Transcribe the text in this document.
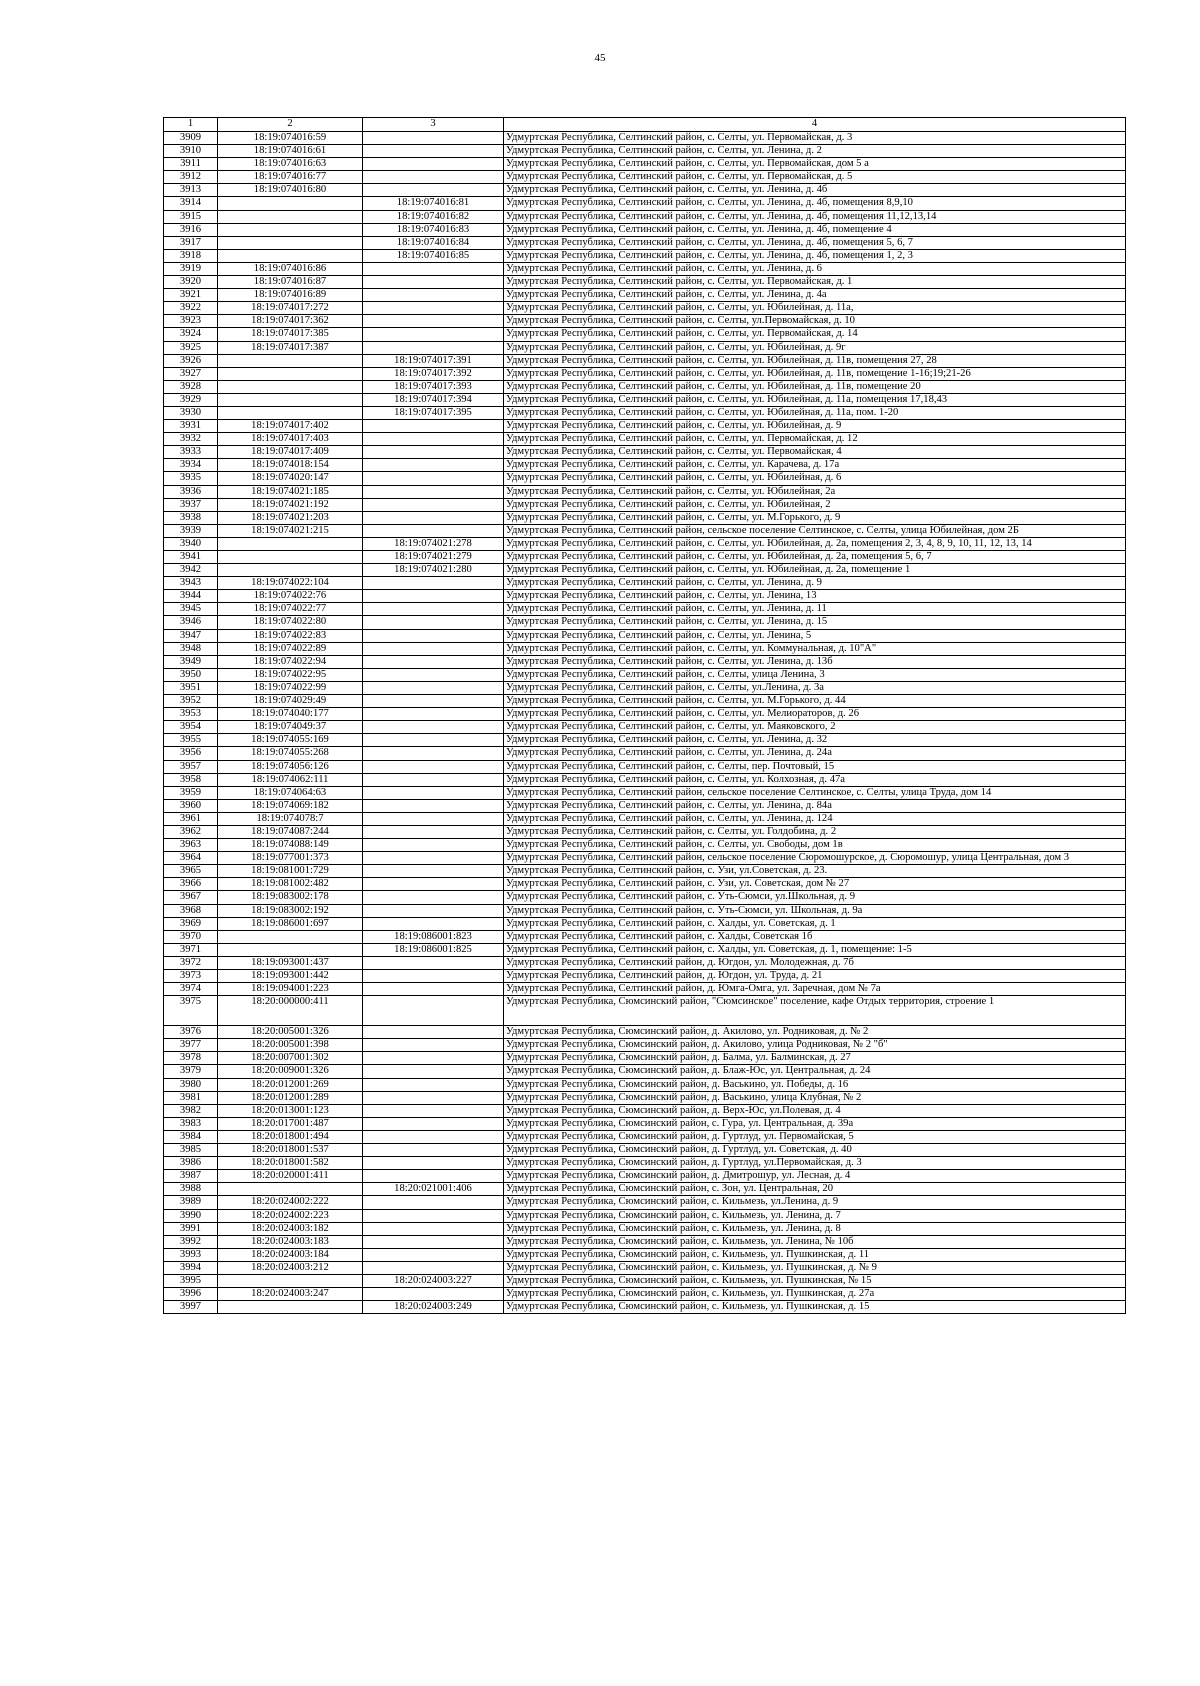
45
1	2	3	4
3909	18:19:074016:59		Удмуртская Республика, Селтинский район, с. Селты, ул. Первомайская, д. 3
3910	18:19:074016:61		Удмуртская Республика, Селтинский район, с. Селты, ул. Ленина, д. 2
3911	18:19:074016:63		Удмуртская Республика, Селтинский район, с. Селты, ул. Первомайская, дом 5 а
3912	18:19:074016:77		Удмуртская Республика, Селтинский район, с. Селты, ул. Первомайская, д. 5
3913	18:19:074016:80		Удмуртская Республика, Селтинский район, с. Селты, ул. Ленина, д. 4б
3914		18:19:074016:81	Удмуртская Республика, Селтинский район, с. Селты, ул. Ленина, д. 4б, помещения 8,9,10
3915		18:19:074016:82	Удмуртская Республика, Селтинский район, с. Селты, ул. Ленина, д. 4б, помещения 11,12,13,14
3916		18:19:074016:83	Удмуртская Республика, Селтинский район, с. Селты, ул. Ленина, д. 4б, помещение 4
3917		18:19:074016:84	Удмуртская Республика, Селтинский район, с. Селты, ул. Ленина, д. 4б, помещения 5, 6, 7
3918		18:19:074016:85	Удмуртская Республика, Селтинский район, с. Селты, ул. Ленина, д. 4б, помещения 1, 2, 3
3919	18:19:074016:86		Удмуртская Республика, Селтинский район, с. Селты, ул. Ленина, д. 6
3920	18:19:074016:87		Удмуртская Республика, Селтинский район, с. Селты, ул. Первомайская, д. 1
3921	18:19:074016:89		Удмуртская Республика, Селтинский район, с. Селты, ул. Ленина, д. 4а
3922	18:19:074017:272		Удмуртская Республика, Селтинский район, с. Селты, ул. Юбилейная, д. 11а,
3923	18:19:074017:362		Удмуртская Республика, Селтинский район, с. Селты, ул.Первомайская, д. 10
3924	18:19:074017:385		Удмуртская Республика, Селтинский район, с. Селты, ул. Первомайская, д. 14
3925	18:19:074017:387		Удмуртская Республика, Селтинский район, с. Селты, ул. Юбилейная, д. 9г
3926		18:19:074017:391	Удмуртская Республика, Селтинский район, с. Селты, ул. Юбилейная, д. 11в, помещения 27, 28
3927		18:19:074017:392	Удмуртская Республика, Селтинский район, с. Селты, ул. Юбилейная, д. 11в, помещение 1-16;19;21-26
3928		18:19:074017:393	Удмуртская Республика, Селтинский район, с. Селты, ул. Юбилейная, д. 11в, помещение 20
3929		18:19:074017:394	Удмуртская Республика, Селтинский район, с. Селты, ул. Юбилейная, д. 11а, помещения 17,18,43
3930		18:19:074017:395	Удмуртская Республика, Селтинский район, с. Селты, ул. Юбилейная, д. 11а, пом. 1-20
3931	18:19:074017:402		Удмуртская Республика, Селтинский район, с. Селты, ул. Юбилейная, д. 9
3932	18:19:074017:403		Удмуртская Республика, Селтинский район, с. Селты, ул. Первомайская, д. 12
3933	18:19:074017:409		Удмуртская Республика, Селтинский район, с. Селты, ул. Первомайская, 4
3934	18:19:074018:154		Удмуртская Республика, Селтинский район, с. Селты, ул. Карачева, д. 17а
3935	18:19:074020:147		Удмуртская Республика, Селтинский район, с. Селты, ул. Юбилейная, д. 6
3936	18:19:074021:185		Удмуртская Республика, Селтинский район, с. Селты, ул. Юбилейная, 2а
3937	18:19:074021:192		Удмуртская Республика, Селтинский район, с. Селты, ул. Юбилейная, 2
3938	18:19:074021:203		Удмуртская Республика, Селтинский район, с. Селты, ул. М.Горького, д. 9
3939	18:19:074021:215		Удмуртская Республика, Селтинский район, сельское поселение Селтинское, с. Селты, улица Юбилейная, дом 2Б
3940		18:19:074021:278	Удмуртская Республика, Селтинский район, с. Селты, ул. Юбилейная, д. 2а, помещения 2, 3, 4, 8, 9, 10, 11, 12, 13, 14
3941		18:19:074021:279	Удмуртская Республика, Селтинский район, с. Селты, ул. Юбилейная, д. 2а, помещения 5, 6, 7
3942		18:19:074021:280	Удмуртская Республика, Селтинский район, с. Селты, ул. Юбилейная, д. 2а, помещение 1
3943	18:19:074022:104		Удмуртская Республика, Селтинский район, с. Селты, ул. Ленина, д. 9
3944	18:19:074022:76		Удмуртская Республика, Селтинский район, с. Селты, ул. Ленина, 13
3945	18:19:074022:77		Удмуртская Республика, Селтинский район, с. Селты, ул. Ленина, д. 11
3946	18:19:074022:80		Удмуртская Республика, Селтинский район, с. Селты, ул. Ленина, д. 15
3947	18:19:074022:83		Удмуртская Республика, Селтинский район, с. Селты, ул. Ленина, 5
3948	18:19:074022:89		Удмуртская Республика, Селтинский район, с. Селты, ул. Коммунальная, д. 10"А"
3949	18:19:074022:94		Удмуртская Республика, Селтинский район, с. Селты, ул. Ленина, д. 13б
3950	18:19:074022:95		Удмуртская Республика, Селтинский район, с. Селты, улица Ленина, 3
3951	18:19:074022:99		Удмуртская Республика, Селтинский район, с. Селты, ул.Ленина, д. 3а
3952	18:19:074029:49		Удмуртская Республика, Селтинский район, с. Селты, ул. М.Горького, д. 44
3953	18:19:074040:177		Удмуртская Республика, Селтинский район, с. Селты, ул. Мелиораторов, д. 26
3954	18:19:074049:37		Удмуртская Республика, Селтинский район, с. Селты, ул. Маяковского, 2
3955	18:19:074055:169		Удмуртская Республика, Селтинский район, с. Селты, ул. Ленина, д. 32
3956	18:19:074055:268		Удмуртская Республика, Селтинский район, с. Селты, ул. Ленина, д. 24а
3957	18:19:074056:126		Удмуртская Республика, Селтинский район, с. Селты, пер. Почтовый, 15
3958	18:19:074062:111		Удмуртская Республика, Селтинский район, с. Селты, ул. Колхозная, д. 47а
3959	18:19:074064:63		Удмуртская Республика, Селтинский район, сельское поселение Селтинское, с. Селты, улица Труда, дом 14
3960	18:19:074069:182		Удмуртская Республика, Селтинский район, с. Селты, ул. Ленина, д. 84а
3961	18:19:074078:7		Удмуртская Республика, Селтинский район, с. Селты, ул. Ленина, д. 124
3962	18:19:074087:244		Удмуртская Республика, Селтинский район, с. Селты, ул. Голдобина, д. 2
3963	18:19:074088:149		Удмуртская Республика, Селтинский район, с. Селты, ул. Свободы, дом 1в
3964	18:19:077001:373		Удмуртская Республика, Селтинский район, сельское поселение Сюромошурское, д. Сюромошур, улица Центральная, дом 3
3965	18:19:081001:729		Удмуртская Республика, Селтинский район, с. Узи, ул.Советская, д. 23.
3966	18:19:081002:482		Удмуртская Республика, Селтинский район, с. Узи, ул. Советская, дом № 27
3967	18:19:083002:178		Удмуртская Республика, Селтинский район, с. Уть-Сюмси, ул.Школьная, д. 9
3968	18:19:083002:192		Удмуртская Республика, Селтинский район, с. Уть-Сюмси, ул. Школьная, д. 9а
3969	18:19:086001:697		Удмуртская Республика, Селтинский район, с. Халды, ул. Советская, д. 1
3970		18:19:086001:823	Удмуртская Республика, Селтинский район, с. Халды, Советская 1б
3971		18:19:086001:825	Удмуртская Республика, Селтинский район, с. Халды, ул. Советская, д. 1, помещение: 1-5
3972	18:19:093001:437		Удмуртская Республика, Селтинский район, д. Югдон, ул. Молодежная, д. 7б
3973	18:19:093001:442		Удмуртская Республика, Селтинский район, д. Югдон, ул. Труда, д. 21
3974	18:19:094001:223		Удмуртская Республика, Селтинский район, д. Юмга-Омга, ул. Заречная, дом № 7а
3975	18:20:000000:411		Удмуртская Республика, Сюмсинский район, "Сюмсинское" поселение, кафе Отдых территория, строение 1
3976	18:20:005001:326		Удмуртская Республика, Сюмсинский район, д. Акилово, ул. Родниковая, д. № 2
3977	18:20:005001:398		Удмуртская Республика, Сюмсинский район, д. Акилово, улица Родниковая, № 2 "б"
3978	18:20:007001:302		Удмуртская Республика, Сюмсинский район, д. Балма, ул. Балминская, д. 27
3979	18:20:009001:326		Удмуртская Республика, Сюмсинский район, д. Блаж-Юс, ул. Центральная, д. 24
3980	18:20:012001:269		Удмуртская Республика, Сюмсинский район, д. Васькино, ул. Победы, д. 16
3981	18:20:012001:289		Удмуртская Республика, Сюмсинский район, д. Васькино, улица Клубная, № 2
3982	18:20:013001:123		Удмуртская Республика, Сюмсинский район, д. Верх-Юс, ул.Полевая, д. 4
3983	18:20:017001:487		Удмуртская Республика, Сюмсинский район, с. Гура, ул. Центральная, д. 39а
3984	18:20:018001:494		Удмуртская Республика, Сюмсинский район, д. Гуртлуд, ул. Первомайская, 5
3985	18:20:018001:537		Удмуртская Республика, Сюмсинский район, д. Гуртлуд, ул. Советская, д. 40
3986	18:20:018001:582		Удмуртская Республика, Сюмсинский район, д. Гуртлуд, ул.Первомайская, д. 3
3987	18:20:020001:411		Удмуртская Республика, Сюмсинский район, д. Дмитрошур, ул. Лесная, д. 4
3988		18:20:021001:406	Удмуртская Республика, Сюмсинский район, с. Зон, ул. Центральная, 20
3989	18:20:024002:222		Удмуртская Республика, Сюмсинский район, с. Кильмезь, ул.Ленина, д. 9
3990	18:20:024002:223		Удмуртская Республика, Сюмсинский район, с. Кильмезь, ул. Ленина, д. 7
3991	18:20:024003:182		Удмуртская Республика, Сюмсинский район, с. Кильмезь, ул. Ленина, д. 8
3992	18:20:024003:183		Удмуртская Республика, Сюмсинский район, с. Кильмезь, ул. Ленина, № 10б
3993	18:20:024003:184		Удмуртская Республика, Сюмсинский район, с. Кильмезь, ул. Пушкинская, д. 11
3994	18:20:024003:212		Удмуртская Республика, Сюмсинский район, с. Кильмезь, ул. Пушкинская, д. № 9
3995		18:20:024003:227	Удмуртская Республика, Сюмсинский район, с. Кильмезь, ул. Пушкинская, № 15
3996	18:20:024003:247		Удмуртская Республика, Сюмсинский район, с. Кильмезь, ул. Пушкинская, д. 27а
3997		18:20:024003:249	Удмуртская Республика, Сюмсинский район, с. Кильмезь, ул. Пушкинская, д. 15
